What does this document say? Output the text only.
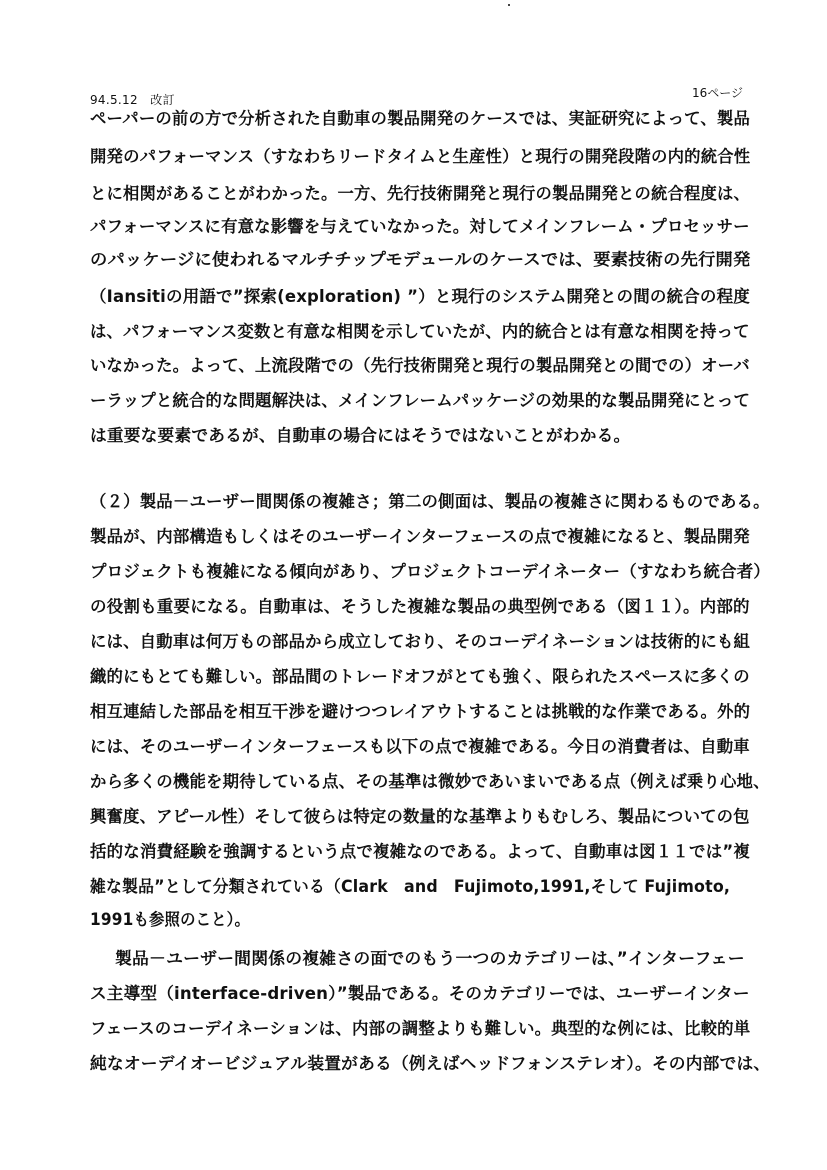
94.5.12　改訂	16ページ
ペーパーの前の方で分析された自動車の製品開発のケースでは、実証研究によって、製品
開発のパフォーマンス（すなわちリードタイムと生産性）と現行の開発段階の内的統合性
とに相関があることがわかった。一方、先行技術開発と現行の製品開発との統合程度は、
パフォーマンスに有意な影響を与えていなかった。対してメインフレーム・プロセッサー
のパッケージに使われるマルチチップモデュールのケースでは、要素技術の先行開発
（Iansitiの用語で”探索(exploration) ”）と現行のシステム開発との間の統合の程度
は、パフォーマンス変数と有意な相関を示していたが、内的統合とは有意な相関を持って
いなかった。よって、上流段階での（先行技術開発と現行の製品開発との間での）オーバ
ーラップと統合的な問題解決は、メインフレームパッケージの効果的な製品開発にとって
は重要な要素であるが、自動車の場合にはそうではないことがわかる。
（２）製品－ユーザー間関係の複雑さ；第二の側面は、製品の複雑さに関わるものである。
製品が、内部構造もしくはそのユーザーインターフェースの点で複雑になると、製品開発
プロジェクトも複雑になる傾向があり、プロジェクトコーデイネーター（すなわち統合者）
の役割も重要になる。自動車は、そうした複雑な製品の典型例である（図１１）。内部的
には、自動車は何万もの部品から成立しており、そのコーデイネーションは技術的にも組
織的にもとても難しい。部品間のトレードオフがとても強く、限られたスペースに多くの
相互連結した部品を相互干渉を避けつつレイアウトすることは挑戦的な作業である。外的
には、そのユーザーインターフェースも以下の点で複雑である。今日の消費者は、自動車
から多くの機能を期待している点、その基準は微妙であいまいである点（例えば乗り心地、
興奮度、アピール性）そして彼らは特定の数量的な基準よりもむしろ、製品についての包
括的な消費経験を強調するという点で複雑なのである。よって、自動車は図１１では”複
雑な製品”として分類されている（Clark　and　Fujimoto,1991,そして Fujimoto,
1991も参照のこと）。
製品－ユーザー間関係の複雑さの面でのもう一つのカテゴリーは、”インターフェー
ス主導型（interface-driven）”製品である。そのカテゴリーでは、ユーザーインター
フェースのコーデイネーションは、内部の調整よりも難しい。典型的な例には、比較的単
純なオーデイオービジュアル装置がある（例えばヘッドフォンステレオ）。その内部では、
